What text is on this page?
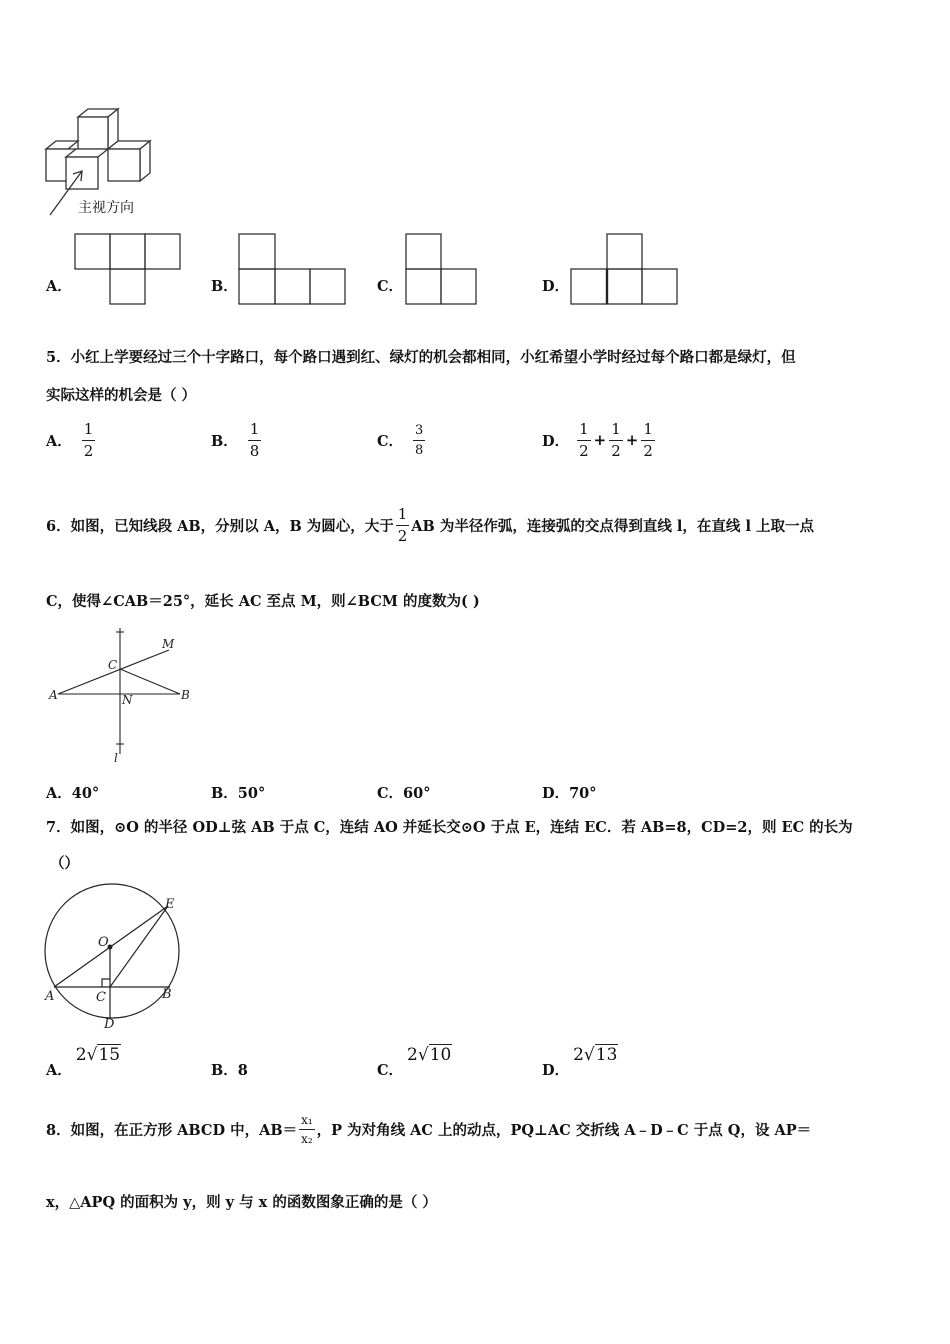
主视方向
A．	B．	C．	D．
5．小红上学要经过三个十字路口，每个路口遇到红、绿灯的机会都相同，小红希望小学时经过每个路口都是绿灯，但
实际这样的机会是（ ）
A． $\frac{1}{2}$	B． $\frac{1}{8}$	C． $\frac{3}{8}$	D． $\frac{1}{2} + \frac{1}{2} + \frac{1}{2}$
6．如图，已知线段 AB，分别以 A，B 为圆心，大于 $\frac{1}{2}$ AB 为半径作弧，连接弧的交点得到直线 l，在直线 l 上取一点
C，使得∠CAB＝25°，延长 AC 至点 M，则∠BCM 的度数为( )
A	B
C
M
N
l
A．40°	B．50°	C．60°	D．70°
7．如图，⊙O 的半径 OD⊥弦 AB 于点 C，连结 AO 并延长交⊙O 于点 E，连结 EC．若 AB=8，CD=2，则 EC 的长为
（）
O
E
A	B
C
D
A．
2√15
B．8	C．
2√10
D．
2√13
8．如图，在正方形 ABCD 中，$AB= \frac{\text{x₁}}{\text{x₂}}$ ，P 为对角线 AC 上的动点，PQ⊥AC 交折线 A﹣D﹣C 于点 Q，设 AP＝
x，△APQ 的面积为 y，则 y 与 x 的函数图象正确的是（ ）
